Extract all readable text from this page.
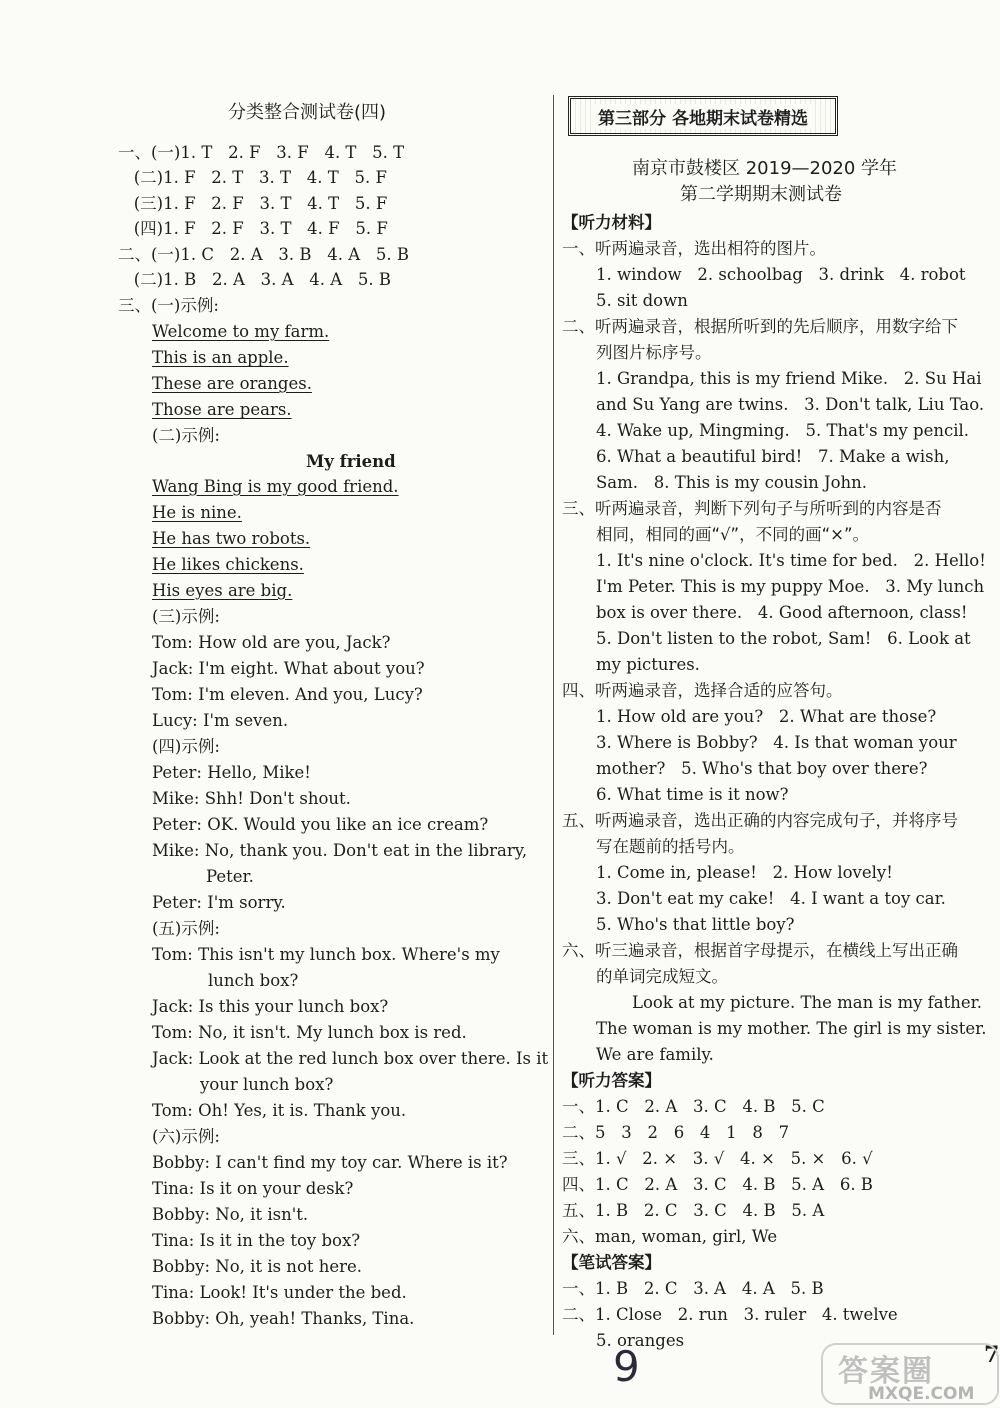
分类整合测试卷(四)
一、(一)1. T   2. F   3. F   4. T   5. T
(二)1. F   2. T   3. T   4. T   5. F
(三)1. F   2. F   3. T   4. T   5. F
(四)1. F   2. F   3. T   4. F   5. F
二、(一)1. C   2. A   3. B   4. A   5. B
(二)1. B   2. A   3. A   4. A   5. B
三、(一)示例:
Welcome to my farm.
This is an apple.
These are oranges.
Those are pears.
(二)示例:
My friend
Wang Bing is my good friend.
He is nine.
He has two robots.
He likes chickens.
His eyes are big.
(三)示例:
Tom: How old are you, Jack?
Jack: I'm eight. What about you?
Tom: I'm eleven. And you, Lucy?
Lucy: I'm seven.
(四)示例:
Peter: Hello, Mike!
Mike: Shh! Don't shout.
Peter: OK. Would you like an ice cream?
Mike: No, thank you. Don't eat in the library,
Peter.
Peter: I'm sorry.
(五)示例:
Tom: This isn't my lunch box. Where's my
lunch box?
Jack: Is this your lunch box?
Tom: No, it isn't. My lunch box is red.
Jack: Look at the red lunch box over there. Is it
your lunch box?
Tom: Oh! Yes, it is. Thank you.
(六)示例:
Bobby: I can't find my toy car. Where is it?
Tina: Is it on your desk?
Bobby: No, it isn't.
Tina: Is it in the toy box?
Bobby: No, it is not here.
Tina: Look! It's under the bed.
Bobby: Oh, yeah! Thanks, Tina.
第三部分 各地期末试卷精选
南京市鼓楼区 2019—2020 学年
第二学期期末测试卷
【听力材料】
一、听两遍录音，选出相符的图片。
1. window   2. schoolbag   3. drink   4. robot
5. sit down
二、听两遍录音，根据所听到的先后顺序，用数字给下
列图片标序号。
1. Grandpa, this is my friend Mike.   2. Su Hai
and Su Yang are twins.   3. Don't talk, Liu Tao.
4. Wake up, Mingming.   5. That's my pencil.
6. What a beautiful bird!   7. Make a wish,
Sam.   8. This is my cousin John.
三、听两遍录音，判断下列句子与所听到的内容是否
相同，相同的画“√”，不同的画“×”。
1. It's nine o'clock. It's time for bed.   2. Hello!
I'm Peter. This is my puppy Moe.   3. My lunch
box is over there.   4. Good afternoon, class!
5. Don't listen to the robot, Sam!   6. Look at
my pictures.
四、听两遍录音，选择合适的应答句。
1. How old are you?   2. What are those?
3. Where is Bobby?   4. Is that woman your
mother?   5. Who's that boy over there?
6. What time is it now?
五、听两遍录音，选出正确的内容完成句子，并将序号
写在题前的括号内。
1. Come in, please!   2. How lovely!
3. Don't eat my cake!   4. I want a toy car.
5. Who's that little boy?
六、听三遍录音，根据首字母提示，在横线上写出正确
的单词完成短文。
Look at my picture. The man is my father.
The woman is my mother. The girl is my sister.
We are family.
【听力答案】
一、1. C   2. A   3. C   4. B   5. C
二、5   3   2   6   4   1   8   7
三、1. √   2. ×   3. √   4. ×   5. ×   6. √
四、1. C   2. A   3. C   4. B   5. A   6. B
五、1. B   2. C   3. C   4. B   5. A
六、man, woman, girl, We
【笔试答案】
一、1. B   2. C   3. A   4. A   5. B
二、1. Close   2. run   3. ruler   4. twelve
5. oranges
9	7
答案圈
MXQE.COM
